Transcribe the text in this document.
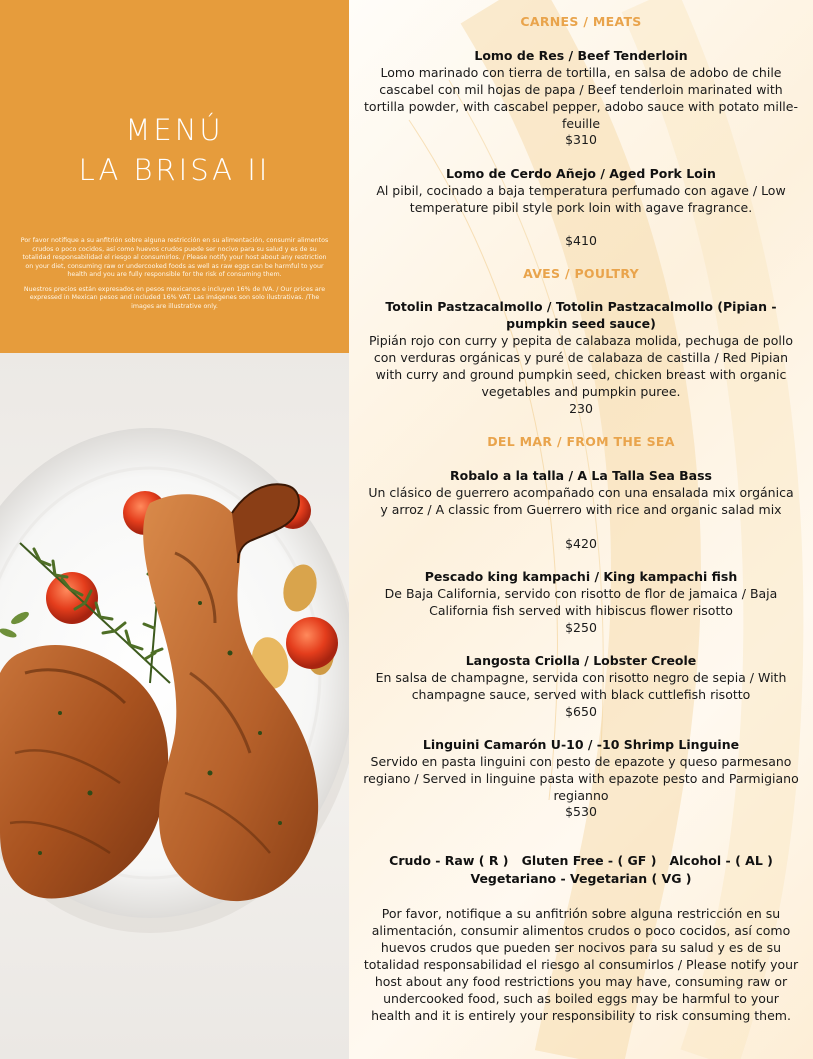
MENÚ
LA BRISA II

Por favor notifique a su anfitrión sobre alguna restricción en su alimentación, consumir alimentos crudos o poco cocidos, así como huevos crudos puede ser nocivo para su salud y es de su totalidad responsabilidad el riesgo al consumirlos. / Please notify your host about any restriction on your diet, consuming raw or undercooked foods as well as raw eggs can be harmful to your health and you are fully responsible for the risk of consuming them.

Nuestros precios están expresados en pesos mexicanos e incluyen 16% de IVA. / Our prices are expressed in Mexican pesos and included 16% VAT. Las imágenes son solo ilustrativas. /The images are illustrative only.

CARNES / MEATS
Lomo de Res / Beef Tenderloin
Lomo marinado con tierra de tortilla, en salsa de adobo de chile cascabel con mil hojas de papa / Beef tenderloin marinated with tortilla powder, with cascabel pepper, adobo sauce with potato mille-feuille
$310
Lomo de Cerdo Añejo / Aged Pork Loin
Al pibil, cocinado a baja temperatura perfumado con agave / Low temperature pibil style pork loin with agave fragrance.
$410
AVES / POULTRY
Totolin Pastzacalmollo / Totolin Pastzacalmollo (Pipian - pumpkin seed sauce)
Pipián rojo con curry y pepita de calabaza molida, pechuga de pollo con verduras orgánicas y puré de calabaza de castilla / Red Pipian with curry and ground pumpkin seed, chicken breast with organic vegetables and pumpkin puree.
230
DEL MAR / FROM THE SEA
Robalo a la talla / A La Talla Sea Bass
Un clásico de guerrero acompañado con una ensalada mix orgánica y arroz / A classic from Guerrero with rice and organic salad mix
$420
Pescado king kampachi / King kampachi fish
De Baja California, servido con risotto de flor de jamaica / Baja California fish served with hibiscus flower risotto
$250
Langosta Criolla / Lobster Creole
En salsa de champagne, servida con risotto negro de sepia / With champagne sauce, served with black cuttlefish risotto
$650
Linguini Camarón U-10 / -10 Shrimp Linguine
Servido en pasta linguini con pesto de epazote y queso parmesano regiano / Served in linguine pasta with epazote pesto and Parmigiano regianno
$530
Crudo - Raw ( R )   Gluten Free - ( GF )   Alcohol - ( AL )
Vegetariano - Vegetarian ( VG )
Por favor, notifique a su anfitrión sobre alguna restricción en su alimentación, consumir alimentos crudos o poco cocidos, así como huevos crudos que pueden ser nocivos para su salud y es de su totalidad responsabilidad el riesgo al consumirlos / Please notify your host about any food restrictions you may have, consuming raw or undercooked food, such as boiled eggs may be harmful to your health and it is entirely your responsibility to risk consuming them.
